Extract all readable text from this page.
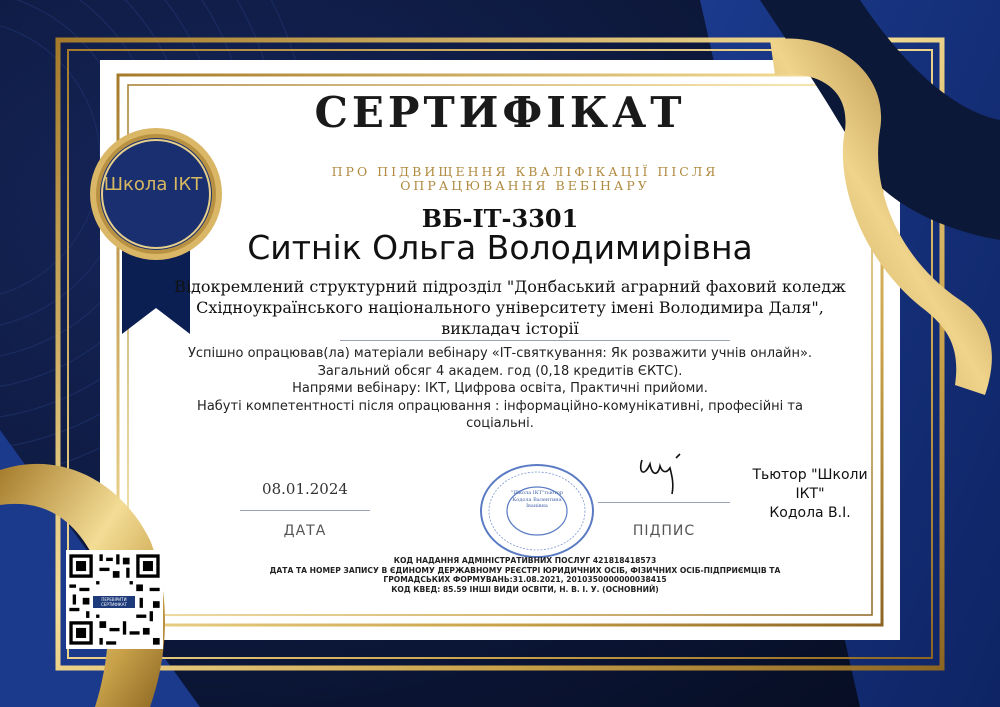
Школа ІКТ
СЕРТИФІКАТ

ПРО ПІДВИЩЕННЯ КВАЛІФІКАЦІЇ ПІСЛЯ ОПРАЦЮВАННЯ ВЕБІНАРУ

ВБ-ІТ-3301

Ситнік Ольга Володимирівна

Відокремлений структурний підрозділ "Донбаський аграрний фаховий коледж Східноукраїнського національного університету імені Володимира Даля", викладач історії

Успішно опрацював(ла) матеріали вебінару «ІТ-святкування: Як розважити учнів онлайн».
Загальний обсяг 4 академ. год (0,18 кредитів ЄКТС).
Напрями вебінару: ІКТ, Цифрова освіта, Практичні прийоми.
Набуті компетентності після опрацювання : інформаційно-комунікативні, професійні та соціальні.
08.01.2024
ДАТА
"Школа ІКТ"тьютор Кодола Валентина Іванівна
ПІДПИС
Тьютор "Школи
ІКТ"
Кодола В.І.
КОД НАДАННЯ АДМІНІСТРАТИВНИХ ПОСЛУГ 421818418573
ДАТА ТА НОМЕР ЗАПИСУ В ЄДИНОМУ ДЕРЖАВНОМУ РЕЄСТРІ ЮРИДИЧНИХ ОСІБ, ФІЗИЧНИХ ОСІБ-ПІДПРИЄМЦІВ ТА ГРОМАДСЬКИХ ФОРМУВАНЬ:31.08.2021, 2010350000000038415
КОД КВЕД: 85.59 ІНШІ ВИДИ ОСВІТИ, Н. В. І. У. (ОСНОВНИЙ)
ПЕРЕВІРИТИ СЕРТИФІКАТ
